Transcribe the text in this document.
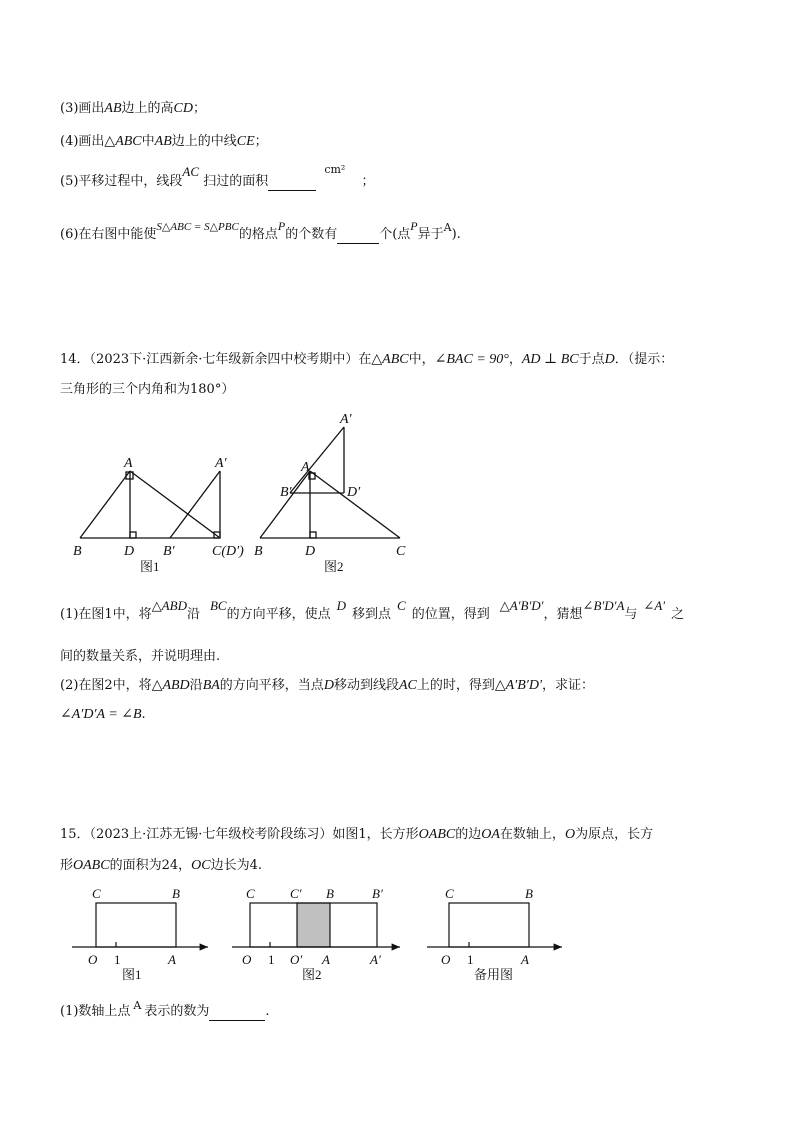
(3)画出AB边上的高CD；
(4)画出△ABC中AB边上的中线CE；
(5)平移过程中，线段AC 扫过的面积 $^{cm^2}$ ；
(6)在右图中能使$^{S\triangle ABC = S\triangle PBC}$的格点P的个数有	个(点P异于$^A$).
14．（2023下·江西新余·七年级新余四中校考期中）在△ABC中，∠BAC = 90°，AD ⊥ BC于点D．（提示：
三角形的三个内角和为180°）
A	A′
B	D B′	C(D′)
图1
A′
A
B′	D′
B	D	C
图2
(1)在图1中，将△ABD沿BC的方向平移，使点D移到点C的位置，得到△A′B′D′，猜想∠B′D′A与∠A′之
间的数量关系，并说明理由.
(2)在图2中，将△ABD沿BA的方向平移，当点D移动到线段AC上的时，得到△A′B′D′，求证：
∠A′D′A = ∠B.
15．（2023上·江苏无锡·七年级校考阶段练习）如图1，长方形OABC的边OA在数轴上，O为原点，长方
形OABC的面积为24，OC边长为4.
C	B
O 1	A
图1
C	C′ B	B′
O 1 O′ A	A′
图2
C	B
O 1	A
备用图
(1)数轴上点 $^A$ 表示的数为	.
